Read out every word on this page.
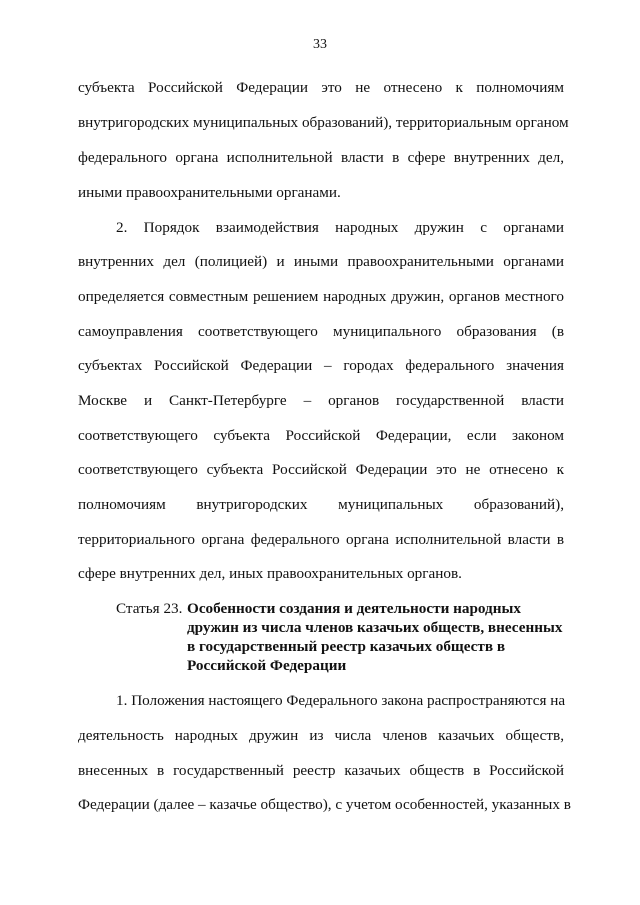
33
субъекта Российской Федерации это не отнесено к полномочиям
внутригородских муниципальных образований), территориальным органом
федерального органа исполнительной власти в сфере внутренних дел,
иными правоохранительными органами.
2. Порядок взаимодействия народных дружин с органами
внутренних дел (полицией) и иными правоохранительными органами
определяется совместным решением народных дружин, органов местного
самоуправления соответствующего муниципального образования (в
субъектах Российской Федерации – городах федерального значения
Москве и Санкт-Петербурге – органов государственной власти
соответствующего субъекта Российской Федерации, если законом
соответствующего субъекта Российской Федерации это не отнесено к
полномочиям внутригородских муниципальных образований),
территориального органа федерального органа исполнительной власти в
сфере внутренних дел, иных правоохранительных органов.
Статья 23. Особенности создания и деятельности народных
дружин из числа членов казачьих обществ, внесенных
в государственный реестр казачьих обществ в
Российской Федерации
1. Положения настоящего Федерального закона распространяются на
деятельность народных дружин из числа членов казачьих обществ,
внесенных в государственный реестр казачьих обществ в Российской
Федерации (далее – казачье общество), с учетом особенностей, указанных в
